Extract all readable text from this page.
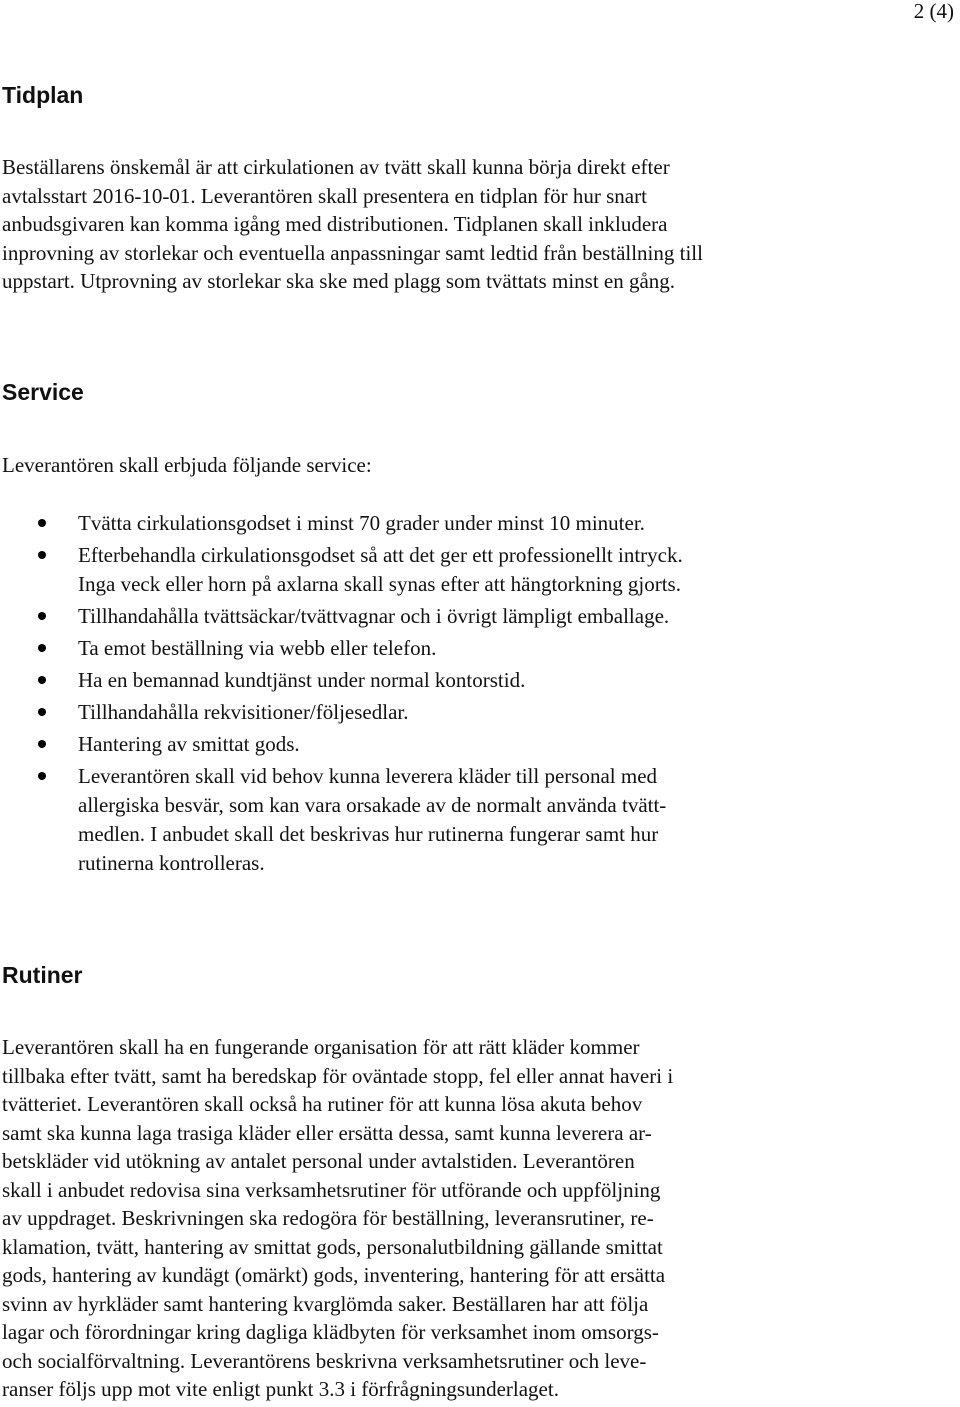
2 (4)
Tidplan
Beställarens önskemål är att cirkulationen av tvätt skall kunna börja direkt efter
avtalsstart 2016-10-01. Leverantören skall presentera en tidplan för hur snart
anbudsgivaren kan komma igång med distributionen. Tidplanen skall inkludera
inprovning av storlekar och eventuella anpassningar samt ledtid från beställning till
uppstart. Utprovning av storlekar ska ske med plagg som tvättats minst en gång.
Service

Leverantören skall erbjuda följande service:

Tvätta cirkulationsgodset i minst 70 grader under minst 10 minuter.
Efterbehandla cirkulationsgodset så att det ger ett professionellt intryck.
Inga veck eller horn på axlarna skall synas efter att hängtorkning gjorts.
Tillhandahålla tvättsäckar/tvättvagnar och i övrigt lämpligt emballage.
Ta emot beställning via webb eller telefon.
Ha en bemannad kundtjänst under normal kontorstid.
Tillhandahålla rekvisitioner/följesedlar.
Hantering av smittat gods.
Leverantören skall vid behov kunna leverera kläder till personal med
allergiska besvär, som kan vara orsakade av de normalt använda tvätt-
medlen. I anbudet skall det beskrivas hur rutinerna fungerar samt hur
rutinerna kontrolleras.
Rutiner
Leverantören skall ha en fungerande organisation för att rätt kläder kommer
tillbaka efter tvätt, samt ha beredskap för oväntade stopp, fel eller annat haveri i
tvätteriet. Leverantören skall också ha rutiner för att kunna lösa akuta behov
samt ska kunna laga trasiga kläder eller ersätta dessa, samt kunna leverera ar-
betskläder vid utökning av antalet personal under avtalstiden. Leverantören
skall i anbudet redovisa sina verksamhetsrutiner för utförande och uppföljning
av uppdraget. Beskrivningen ska redogöra för beställning, leveransrutiner, re-
klamation, tvätt, hantering av smittat gods, personalutbildning gällande smittat
gods, hantering av kundägt (omärkt) gods, inventering, hantering för att ersätta
svinn av hyrkläder samt hantering kvarglömda saker. Beställaren har att följa
lagar och förordningar kring dagliga klädbyten för verksamhet inom omsorgs-
och socialförvaltning. Leverantörens beskrivna verksamhetsrutiner och leve-
ranser följs upp mot vite enligt punkt 3.3 i förfrågningsunderlaget.
